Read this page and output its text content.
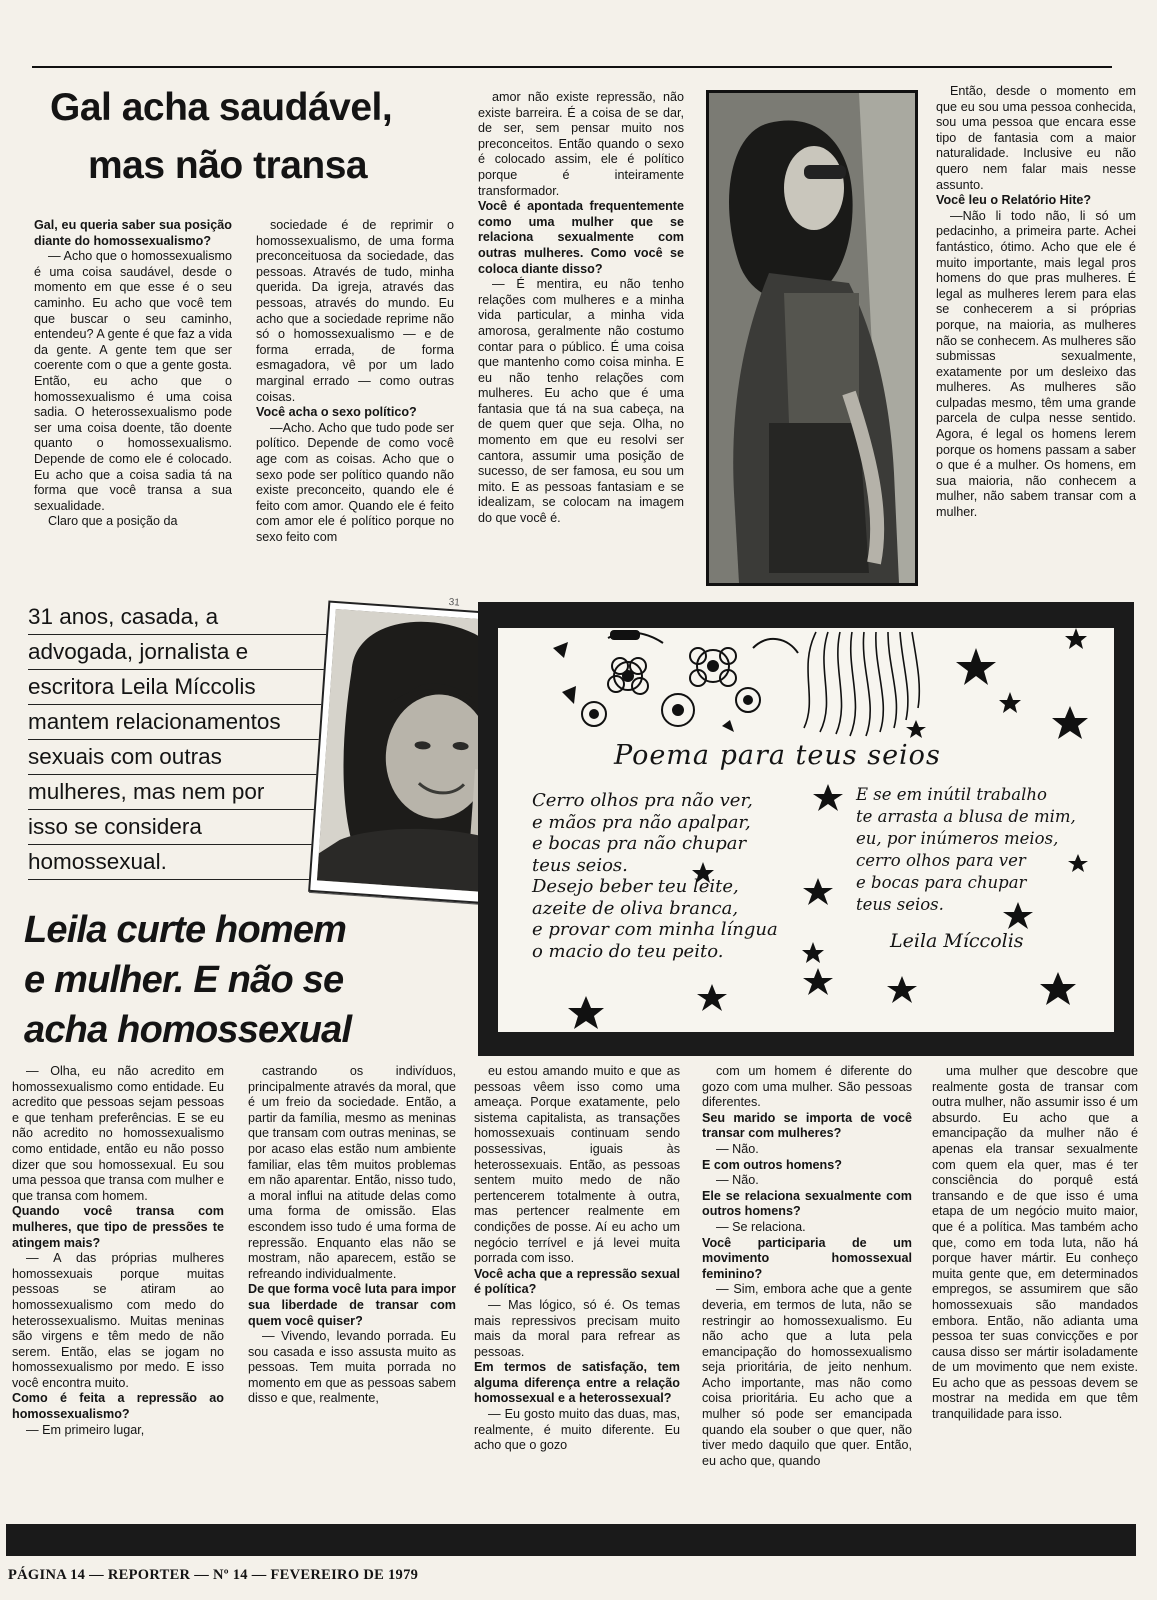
Gal acha saudável,
mas não transa

Gal, eu queria saber sua posição diante do homossexualismo?

— Acho que o homossexualismo é uma coisa saudável, desde o momento em que esse é o seu caminho. Eu acho que você tem que buscar o seu caminho, entendeu? A gente é que faz a vida da gente. A gente tem que ser coerente com o que a gente gosta. Então, eu acho que o homossexualismo é uma coisa sadia. O heterossexualismo pode ser uma coisa doente, tão doente quanto o homossexualismo. Depende de como ele é colocado. Eu acho que a coisa sadia tá na forma que você transa a sua sexualidade.

Claro que a posição da

sociedade é de reprimir o homossexualismo, de uma forma preconceituosa da sociedade, das pessoas. Através de tudo, minha querida. Da igreja, através das pessoas, através do mundo. Eu acho que a sociedade reprime não só o homossexualismo — e de forma errada, de forma esmagadora, vê por um lado marginal errado — como outras coisas.

Você acha o sexo político?

—Acho. Acho que tudo pode ser político. Depende de como você age com as coisas. Acho que o sexo pode ser político quando não existe preconceito, quando ele é feito com amor. Quando ele é feito com amor ele é político porque no sexo feito com

amor não existe repressão, não existe barreira. É a coisa de se dar, de ser, sem pensar muito nos preconceitos. Então quando o sexo é colocado assim, ele é político porque é inteiramente transformador.

Você é apontada frequentemente como uma mulher que se relaciona sexualmente com outras mulheres. Como você se coloca diante disso?

— É mentira, eu não tenho relações com mulheres e a minha vida particular, a minha vida amorosa, geralmente não costumo contar para o público. É uma coisa que mantenho como coisa minha. E eu não tenho relações com mulheres. Eu acho que é uma fantasia que tá na sua cabeça, na de quem quer que seja. Olha, no momento em que eu resolvi ser cantora, assumir uma posição de sucesso, de ser famosa, eu sou um mito. E as pessoas fantasiam e se idealizam, se colocam na imagem do que você é.

Então, desde o momento em que eu sou uma pessoa conhecida, sou uma pessoa que encara esse tipo de fantasia com a maior naturalidade. Inclusive eu não quero nem falar mais nesse assunto.

Você leu o Relatório Hite?

—Não li todo não, li só um pedacinho, a primeira parte. Achei fantástico, ótimo. Acho que ele é muito importante, mais legal pros homens do que pras mulheres. É legal as mulheres lerem para elas se conhecerem a si próprias porque, na maioria, as mulheres não se conhecem. As mulheres são submissas sexualmente, exatamente por um desleixo das mulheres. As mulheres são culpadas mesmo, têm uma grande parcela de culpa nesse sentido. Agora, é legal os homens lerem porque os homens passam a saber o que é a mulher. Os homens, em sua maioria, não conhecem a mulher, não sabem transar com a mulher.

31 anos, casada, a
advogada, jornalista e
escritora Leila Míccolis
mantem relacionamentos
sexuais com outras
mulheres, mas nem por
isso se considera
homossexual.
31
Leila curte homem
e mulher. E não se
acha homossexual
Poema para teus seios
Cerro olhos pra não ver,
e mãos pra não apalpar,
e bocas pra não chupar
teus seios.
Desejo beber teu leite,
azeite de oliva branca,
e provar com minha língua
o macio do teu peito.
E se em inútil trabalho
te arrasta a blusa de mim,
eu, por inúmeros meios,
cerro olhos para ver
e bocas para chupar
teus seios.
Leila Míccolis

— Olha, eu não acredito em homossexualismo como entidade. Eu acredito que pessoas sejam pessoas e que tenham preferências. E se eu não acredito no homossexualismo como entidade, então eu não posso dizer que sou homossexual. Eu sou uma pessoa que transa com mulher e que transa com homem.

Quando você transa com mulheres, que tipo de pressões te atingem mais?

— A das próprias mulheres homossexuais porque muitas pessoas se atiram ao homossexualismo com medo do heterossexualismo. Muitas meninas são virgens e têm medo de não serem. Então, elas se jogam no homossexualismo por medo. E isso você encontra muito.

Como é feita a repressão ao homossexualismo?

— Em primeiro lugar,

castrando os indivíduos, principalmente através da moral, que é um freio da sociedade. Então, a partir da família, mesmo as meninas que transam com outras meninas, se por acaso elas estão num ambiente familiar, elas têm muitos problemas em não aparentar. Então, nisso tudo, a moral influi na atitude delas como uma forma de omissão. Elas escondem isso tudo é uma forma de repressão. Enquanto elas não se mostram, não aparecem, estão se refreando individualmente.

De que forma você luta para impor sua liberdade de transar com quem você quiser?

— Vivendo, levando porrada. Eu sou casada e isso assusta muito as pessoas. Tem muita porrada no momento em que as pessoas sabem disso e que, realmente,

eu estou amando muito e que as pessoas vêem isso como uma ameaça. Porque exatamente, pelo sistema capitalista, as transações homossexuais continuam sendo possessivas, iguais às heterossexuais. Então, as pessoas sentem muito medo de não pertencerem totalmente à outra, mas pertencer realmente em condições de posse. Aí eu acho um negócio terrível e já levei muita porrada com isso.

Você acha que a repressão sexual é política?

— Mas lógico, só é. Os temas mais repressivos precisam muito mais da moral para refrear as pessoas.

Em termos de satisfação, tem alguma diferença entre a relação homossexual e a heterossexual?

— Eu gosto muito das duas, mas, realmente, é muito diferente. Eu acho que o gozo

com um homem é diferente do gozo com uma mulher. São pessoas diferentes.

Seu marido se importa de você transar com mulheres?

— Não.

E com outros homens?

— Não.

Ele se relaciona sexualmente com outros homens?

— Se relaciona.

Você participaria de um movimento homossexual feminino?

— Sim, embora ache que a gente deveria, em termos de luta, não se restringir ao homossexualismo. Eu não acho que a luta pela emancipação do homossexualismo seja prioritária, de jeito nenhum. Acho importante, mas não como coisa prioritária. Eu acho que a mulher só pode ser emancipada quando ela souber o que quer, não tiver medo daquilo que quer. Então, eu acho que, quando

uma mulher que descobre que realmente gosta de transar com outra mulher, não assumir isso é um absurdo. Eu acho que a emancipação da mulher não é apenas ela transar sexualmente com quem ela quer, mas é ter consciência do porquê está transando e de que isso é uma etapa de um negócio muito maior, que é a política. Mas também acho que, como em toda luta, não há porque haver mártir. Eu conheço muita gente que, em determinados empregos, se assumirem que são homossexuais são mandados embora. Então, não adianta uma pessoa ter suas convicções e por causa disso ser mártir isoladamente de um movimento que nem existe. Eu acho que as pessoas devem se mostrar na medida em que têm tranquilidade para isso.

PÁGINA 14 — REPORTER — Nº 14 — FEVEREIRO DE 1979
